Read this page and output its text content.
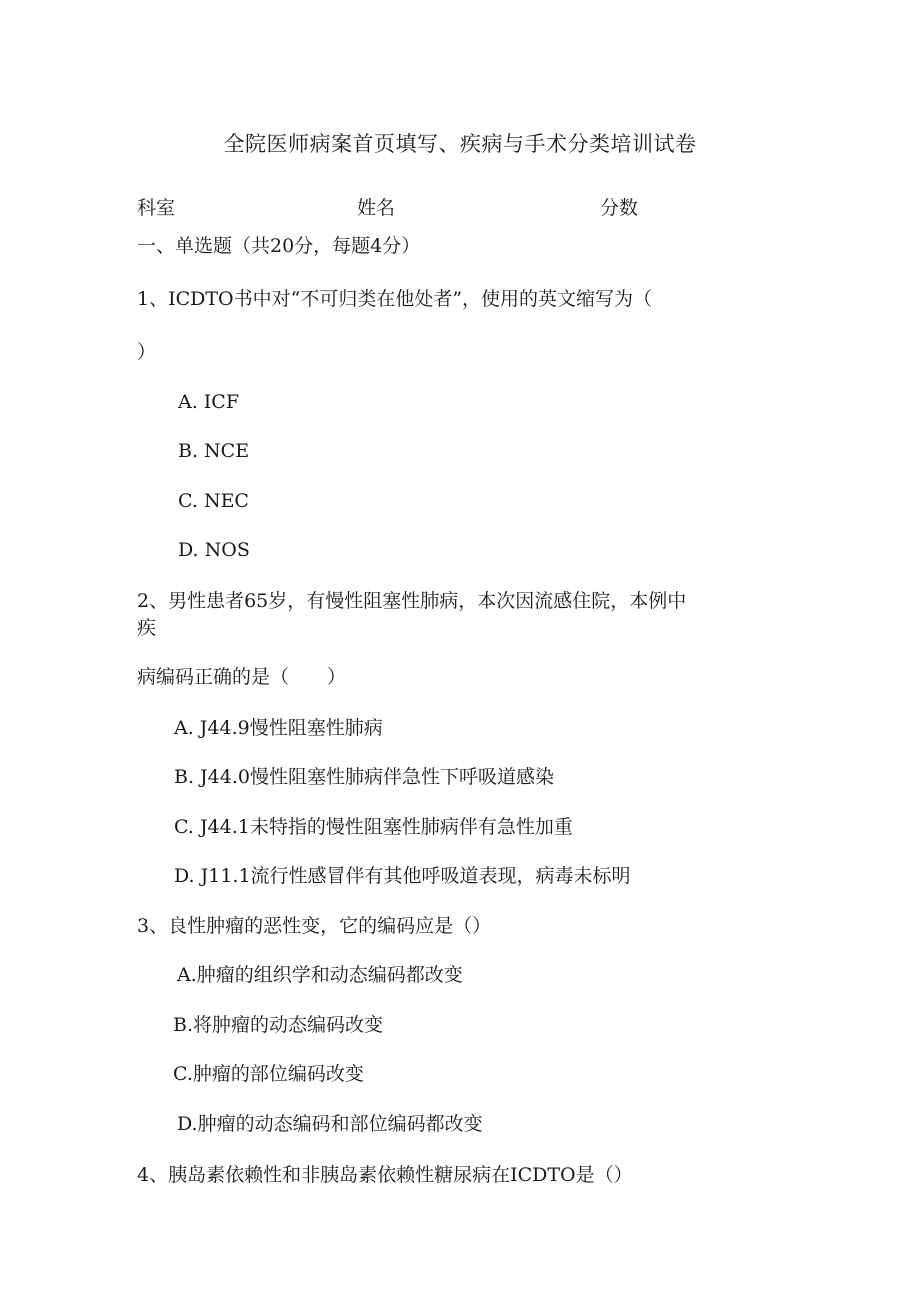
全院医师病案首页填写、疾病与手术分类培训试卷
科室	姓名	分数
一、单选题（共20分，每题4分）
1、ICDTO书中对“不可归类在他处者”，使用的英文缩写为（
）
A. ICF
B. NCE
C. NEC
D. NOS
2、男性患者65岁，有慢性阻塞性肺病，本次因流感住院，本例中
疾
病编码正确的是（　　）
A. J44.9慢性阻塞性肺病
B. J44.0慢性阻塞性肺病伴急性下呼吸道感染
C. J44.1未特指的慢性阻塞性肺病伴有急性加重
D. J11.1流行性感冒伴有其他呼吸道表现，病毒未标明
3、良性肿瘤的恶性变，它的编码应是（）
A.肿瘤的组织学和动态编码都改变
B.将肿瘤的动态编码改变
C.肿瘤的部位编码改变
D.肿瘤的动态编码和部位编码都改变
4、胰岛素依赖性和非胰岛素依赖性糖尿病在ICDTO是（）
